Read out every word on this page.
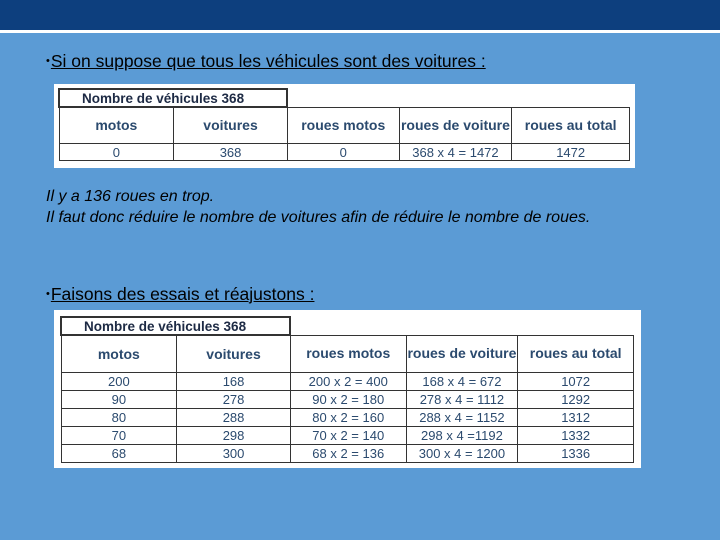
•Si on suppose que tous les véhicules sont des voitures :
Nombre de véhicules 368				
motos	voitures	roues motos	roues de voiture	roues au total
0	368	0	368 x 4 = 1472	1472
Il y a 136 roues en trop.
Il faut donc réduire le nombre de voitures afin de réduire le nombre de roues.
•Faisons des essais et réajustons :
Nombre de véhicules 368				
motos	voitures	roues motos	roues de voiture	roues au total
200	168	200 x 2 = 400	168 x 4 = 672	1072
90	278	90 x 2 = 180	278 x 4 = 1112	1292
80	288	80 x 2 = 160	288 x 4 = 1152	1312
70	298	70 x 2 = 140	298 x 4 =1192	1332
68	300	68 x 2 = 136	300 x 4 = 1200	1336
